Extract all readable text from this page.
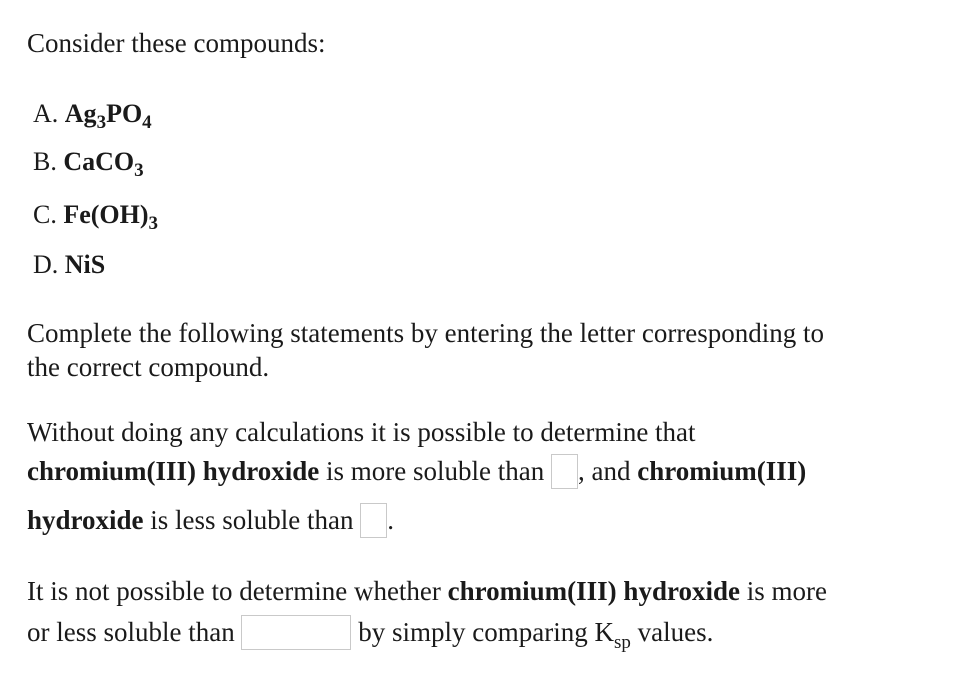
Consider these compounds:
A. $Ag_3PO_4$
B. CaCO$_3$
C. $Fe(OH)_3$
D. NiS
Complete the following statements by entering the letter corresponding to
the correct compound.
Without doing any calculations it is possible to determine that
chromium(III) hydroxide is more soluble than , and chromium(III)
hydroxide is less soluble than .
It is not possible to determine whether chromium(III) hydroxide is more
or less soluble than	by simply comparing $K_{sp}$ values.
